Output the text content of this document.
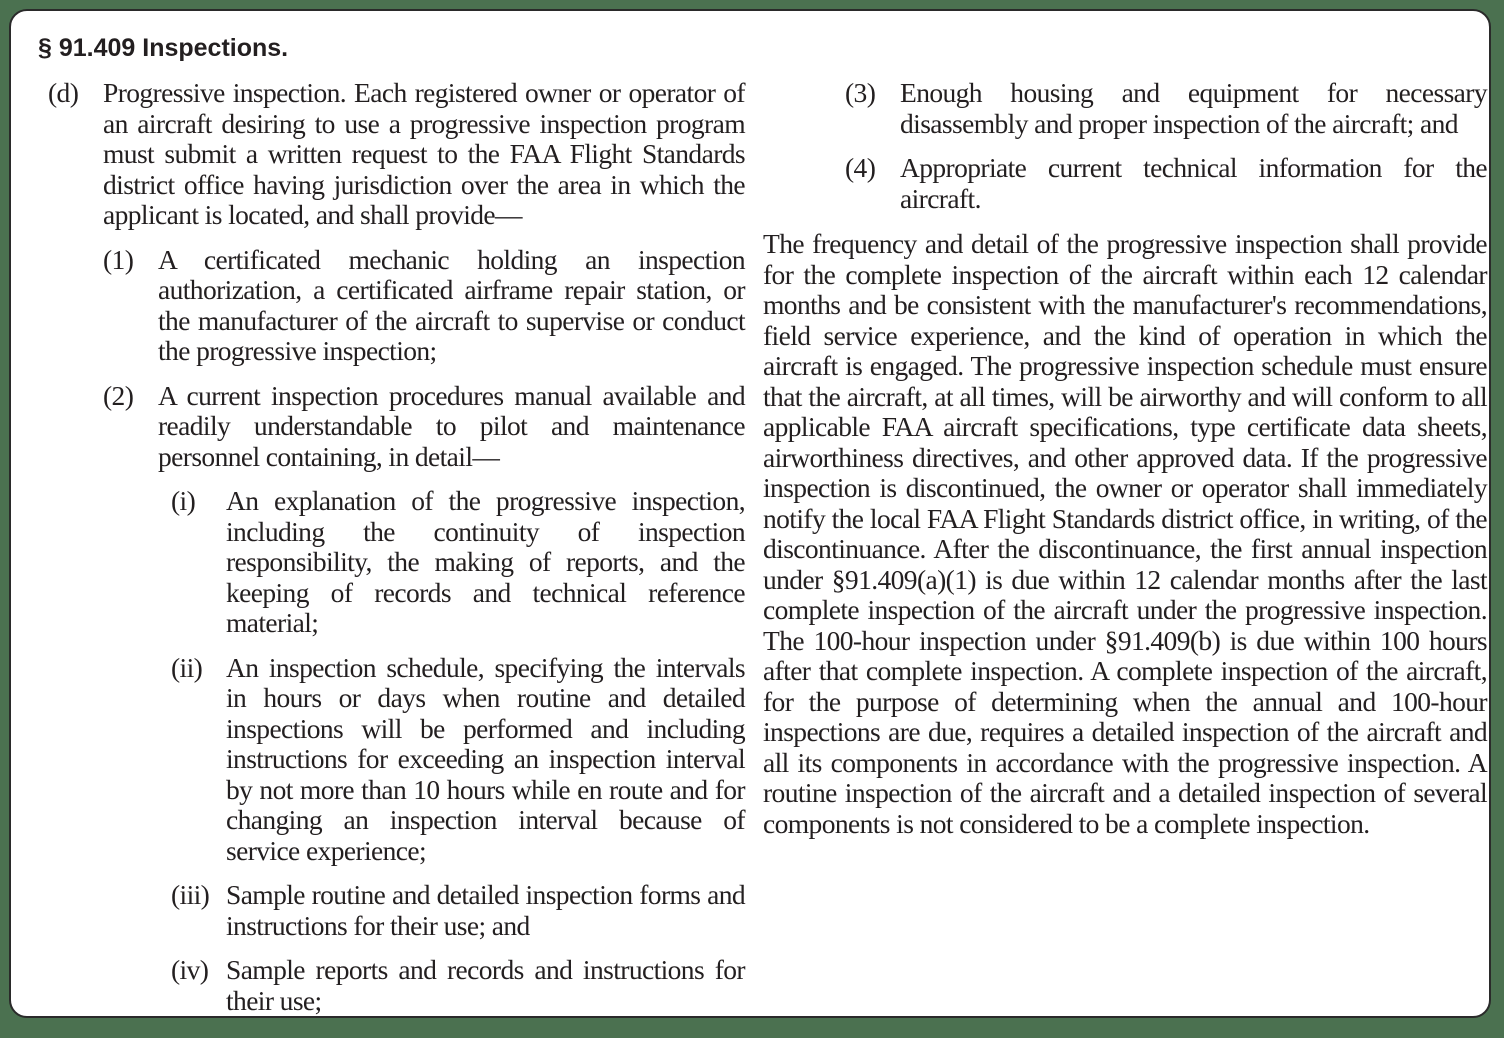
§ 91.409 Inspections.
(d) Progressive inspection. Each registered owner or operator of an aircraft desiring to use a progressive inspection program must submit a written request to the FAA Flight Standards district office having jurisdiction over the area in which the applicant is located, and shall provide—
(1) A certificated mechanic holding an inspection authorization, a certificated airframe repair station, or the manufacturer of the aircraft to supervise or conduct the progressive inspection;
(2) A current inspection procedures manual available and readily understandable to pilot and maintenance personnel containing, in detail—
(i)	An explanation of the progressive inspection, including the continuity of inspection responsibility, the making of reports, and the keeping of records and technical reference material;
(ii) An inspection schedule, specifying the intervals in hours or days when routine and detailed inspections will be performed and including instructions for exceeding an inspection interval by not more than 10 hours while en route and for changing an inspection interval because of service experience;
(iii) Sample routine and detailed inspection forms and instructions for their use; and
(iv) Sample reports and records and instructions for their use;
(3) Enough housing and equipment for necessary disassembly and proper inspection of the aircraft; and
(4) Appropriate current technical information for the aircraft.

The frequency and detail of the progressive inspection shall provide for the complete inspection of the aircraft within each 12 calendar months and be consistent with the manufacturer's recommendations, field service experience, and the kind of operation in which the aircraft is engaged. The progressive inspection schedule must ensure that the aircraft, at all times, will be airworthy and will conform to all applicable FAA aircraft specifications, type certificate data sheets, airworthiness directives, and other approved data. If the progressive inspection is discontinued, the owner or operator shall immediately notify the local FAA Flight Standards district office, in writing, of the discontinuance. After the discontinuance, the first annual inspection under §91.409(a)(1) is due within 12 calendar months after the last complete inspection of the aircraft under the progressive inspection. The 100-hour inspection under §91.409(b) is due within 100 hours after that complete inspection. A complete inspection of the aircraft, for the purpose of determining when the annual and 100-hour inspections are due, requires a detailed inspection of the aircraft and all its components in accordance with the progressive inspection. A routine inspection of the aircraft and a detailed inspection of several components is not considered to be a complete inspection.
